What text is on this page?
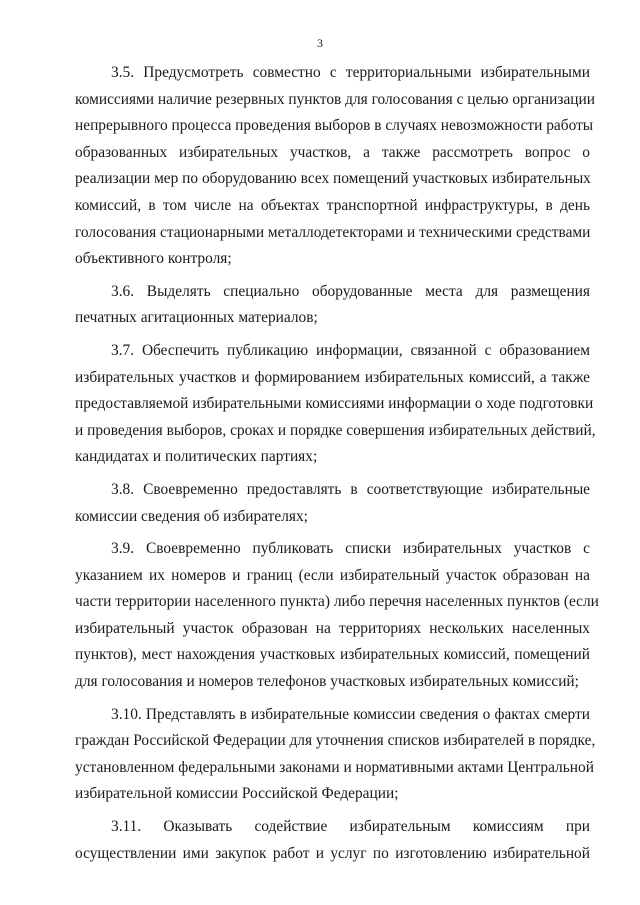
3
3.5. Предусмотреть совместно с территориальными избирательными
комиссиями наличие резервных пунктов для голосования с целью организации
непрерывного процесса проведения выборов в случаях невозможности работы
образованных избирательных участков, а также рассмотреть вопрос о
реализации мер по оборудованию всех помещений участковых избирательных
комиссий, в том числе на объектах транспортной инфраструктуры, в день
голосования стационарными металлодетекторами и техническими средствами
объективного контроля;
3.6. Выделять специально оборудованные места для размещения
печатных агитационных материалов;
3.7. Обеспечить публикацию информации, связанной с образованием
избирательных участков и формированием избирательных комиссий, а также
предоставляемой избирательными комиссиями информации о ходе подготовки
и проведения выборов, сроках и порядке совершения избирательных действий,
кандидатах и политических партиях;
3.8. Своевременно предоставлять в соответствующие избирательные
комиссии сведения об избирателях;
3.9. Своевременно публиковать списки избирательных участков с
указанием их номеров и границ (если избирательный участок образован на
части территории населенного пункта) либо перечня населенных пунктов (если
избирательный участок образован на территориях нескольких населенных
пунктов), мест нахождения участковых избирательных комиссий, помещений
для голосования и номеров телефонов участковых избирательных комиссий;
3.10. Представлять в избирательные комиссии сведения о фактах смерти
граждан Российской Федерации для уточнения списков избирателей в порядке,
установленном федеральными законами и нормативными актами Центральной
избирательной комиссии Российской Федерации;
3.11. Оказывать содействие избирательным комиссиям при
осуществлении ими закупок работ и услуг по изготовлению избирательной
